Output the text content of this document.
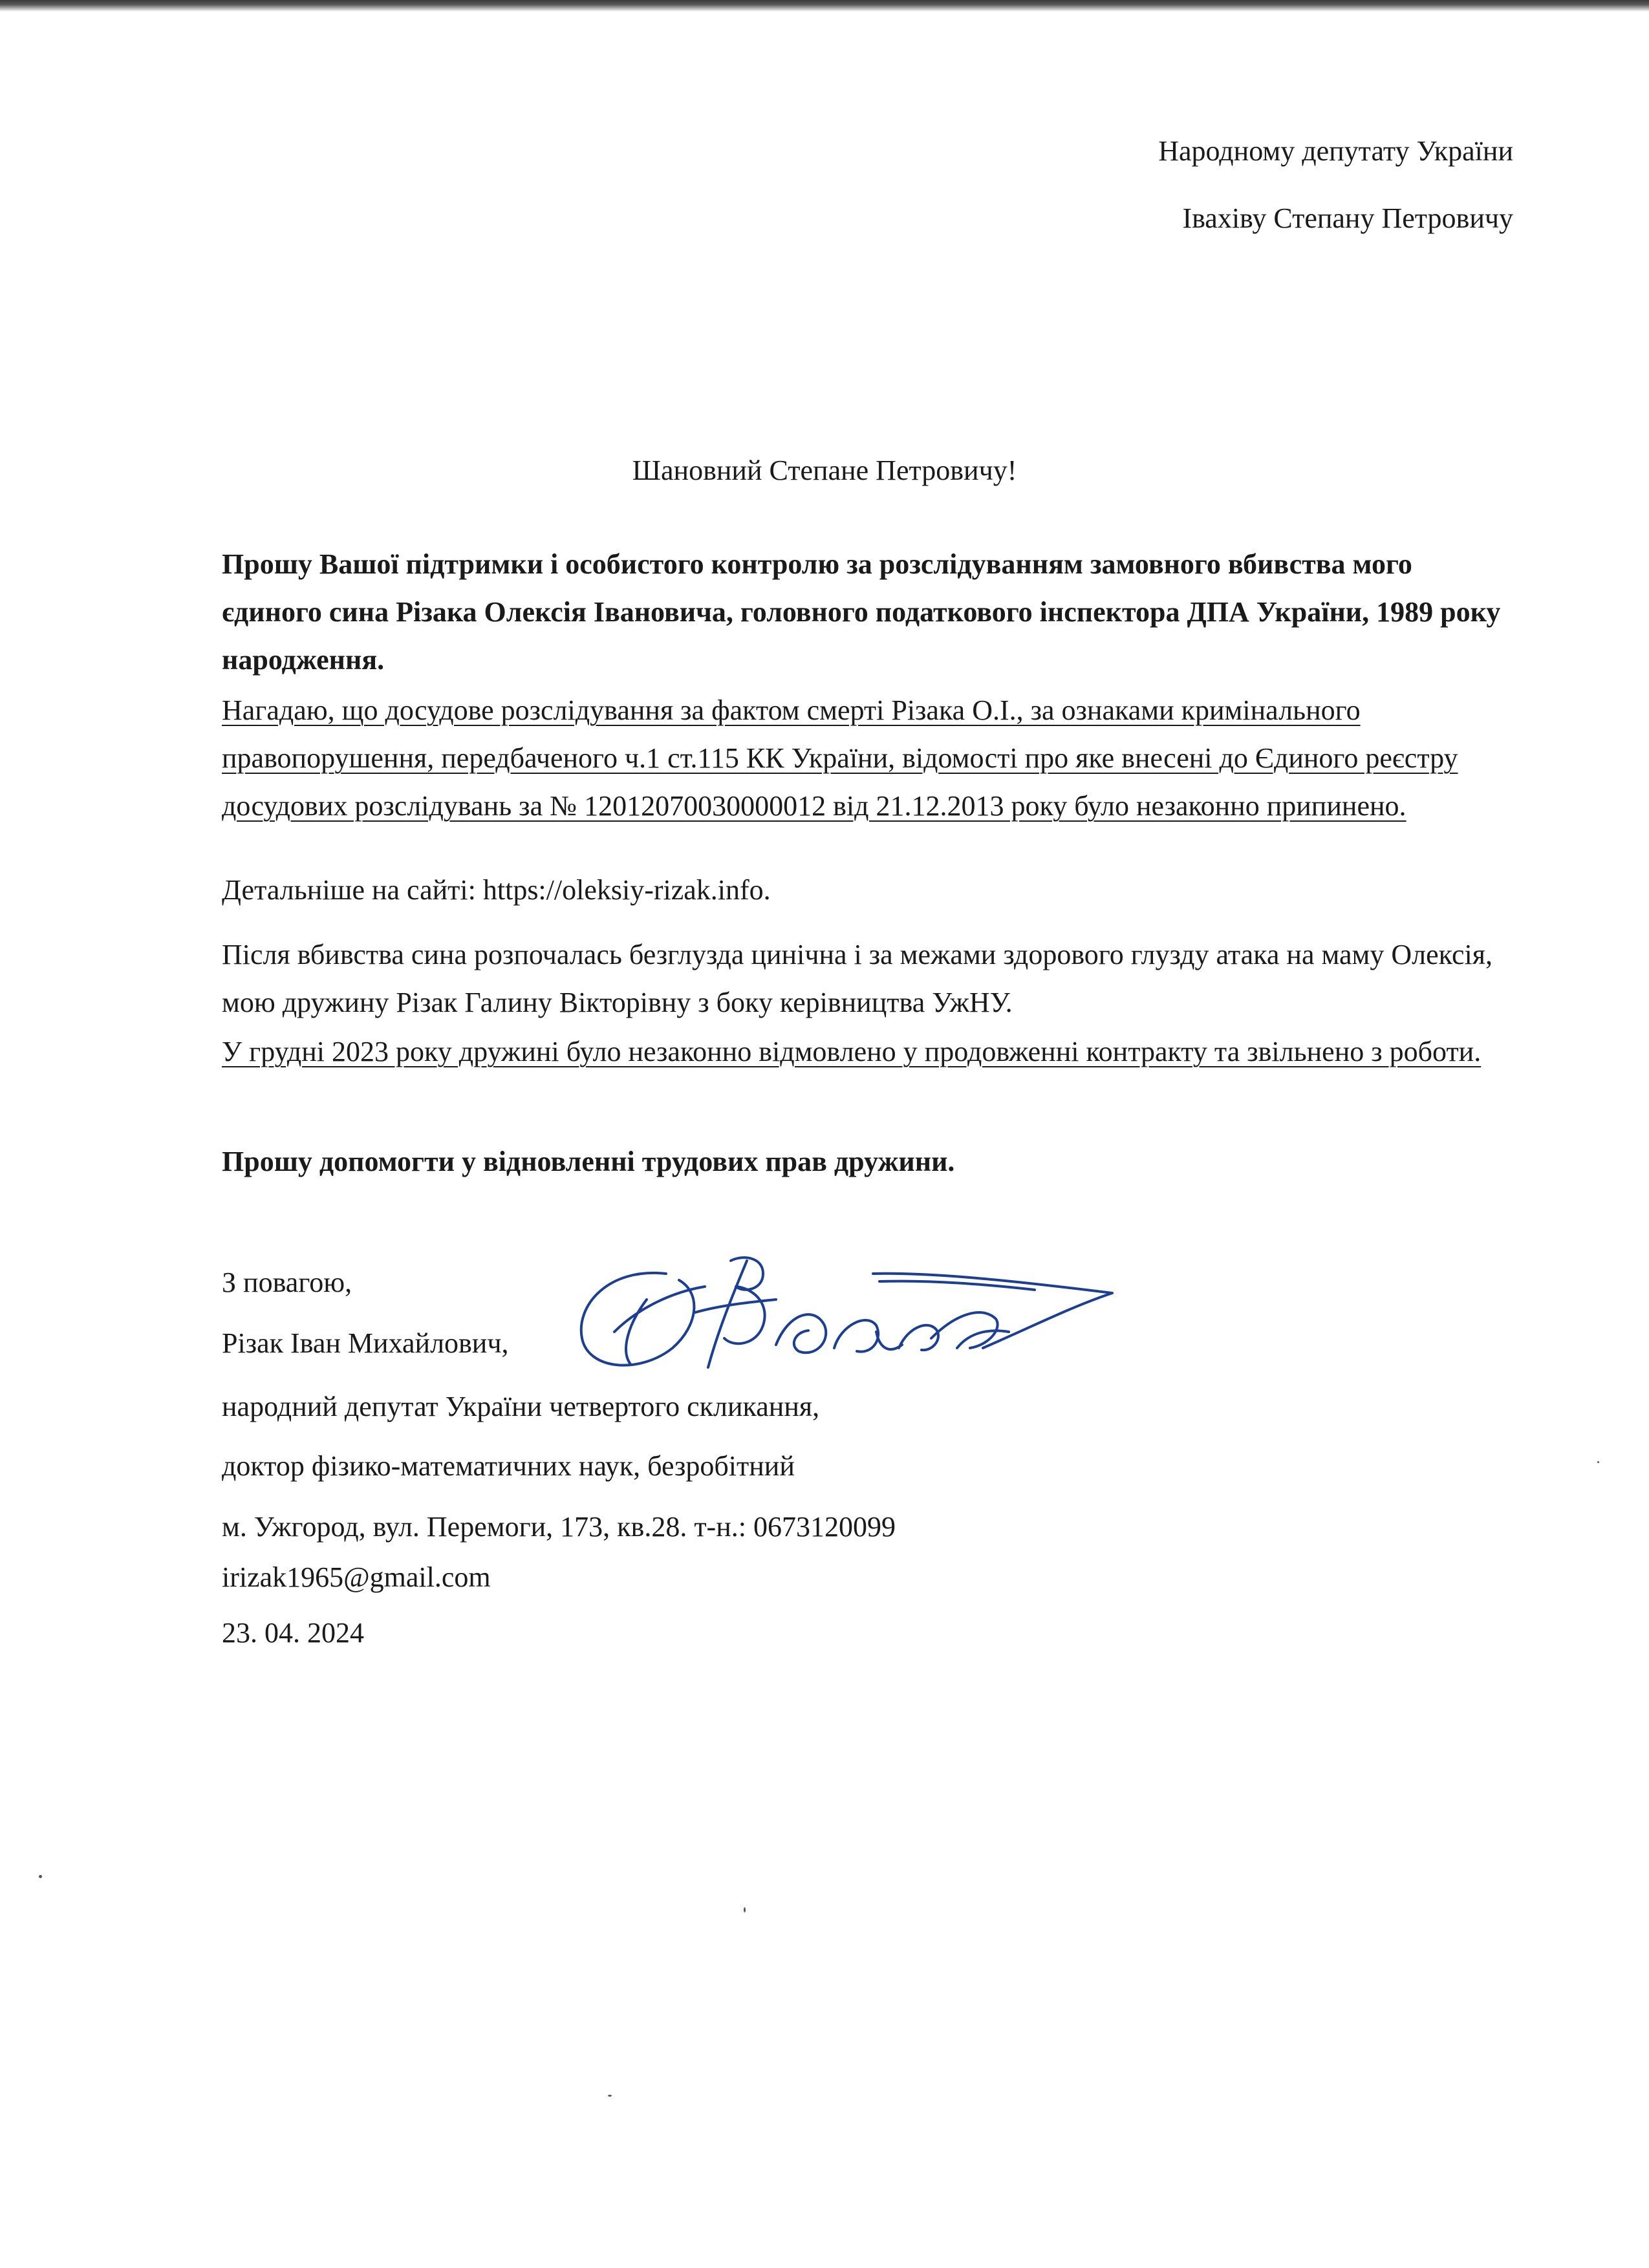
Народному депутату України

Івахіву Степану Петровичу

Шановний Степане Петровичу!

Прошу Вашої підтримки і особистого контролю за розслідуванням замовного вбивства мого єдиного сина Різака Олексія Івановича, головного податкового інспектора ДПА України, 1989 року народження.

Нагадаю, що досудове розслідування за фактом смерті Різака О.І., за ознаками кримінального правопорушення, передбаченого ч.1 ст.115 КК України, відомості про яке внесені до Єдиного реєстру досудових розслідувань за № 12012070030000012 від 21.12.2013 року було незаконно припинено.

Детальніше на сайті: https://oleksiy-rizak.info.

Після вбивства сина розпочалась безглузда цинічна і за межами здорового глузду атака на маму Олексія, мою дружину Різак Галину Вікторівну з боку керівництва УжНУ.

У грудні 2023 року дружині було незаконно відмовлено у продовженні контракту та звільнено з роботи.

Прошу допомогти у відновленні трудових прав дружини.

З повагою,

Різак Іван Михайлович,

народний депутат України четвертого скликання,

доктор фізико-математичних наук, безробітний

м. Ужгород, вул. Перемоги, 173, кв.28. т-н.: 0673120099

irizak1965@gmail.com

23. 04. 2024
